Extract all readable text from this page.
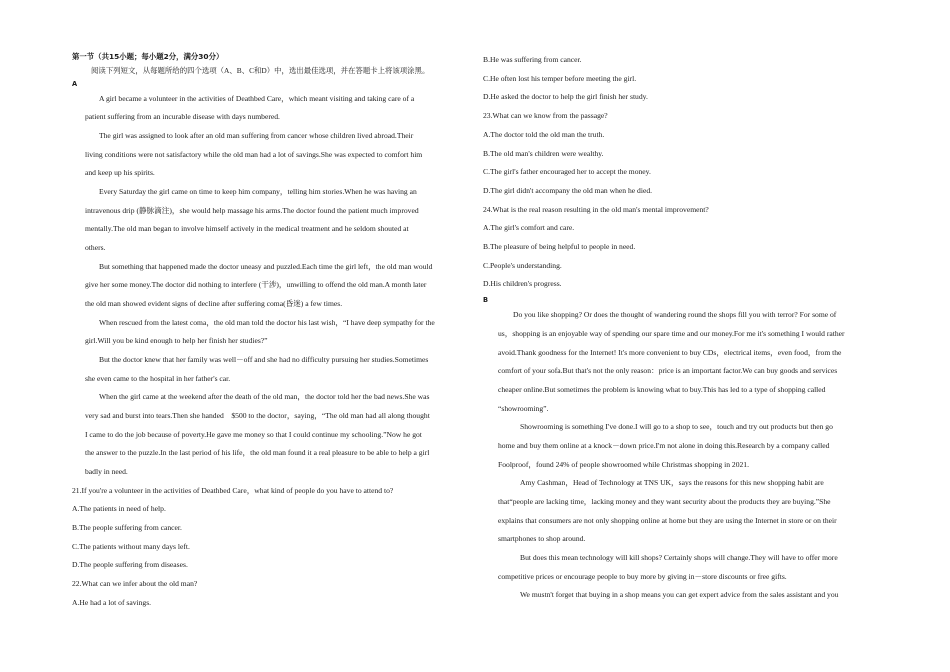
第一节（共15小题；每小题2分，满分30分）
阅读下列短文，从每题所给的四个选项（A、B、C和D）中，选出最佳选项，并在答题卡上将该项涂黑。
A
A girl became a volunteer in the activities of Deathbed Care，which meant visiting and taking care of a
patient suffering from an incurable disease with days numbered.
The girl was assigned to look after an old man suffering from cancer whose children lived abroad.Their
living conditions were not satisfactory while the old man had a lot of savings.She was expected to comfort him
and keep up his spirits.
Every Saturday the girl came on time to keep him company，telling him stories.When he was having an
intravenous drip (静脉滴注)，she would help massage his arms.The doctor found the patient much improved
mentally.The old man began to involve himself actively in the medical treatment and he seldom shouted at
others.
But something that happened made the doctor uneasy and puzzled.Each time the girl left，the old man would
give her some money.The doctor did nothing to interfere (干涉)，unwilling to offend the old man.A month later
the old man showed evident signs of decline after suffering coma(昏迷) a few times.
When rescued from the latest coma，the old man told the doctor his last wish，“I have deep sympathy for the
girl.Will you be kind enough to help her finish her studies?”
But the doctor knew that her family was well－off and she had no difficulty pursuing her studies.Sometimes
she even came to the hospital in her father's car.
When the girl came at the weekend after the death of the old man，the doctor told her the bad news.She was
very sad and burst into tears.Then she handed　$500 to the doctor，saying，“The old man had all along thought
I came to do the job because of poverty.He gave me money so that I could continue my schooling.”Now he got
the answer to the puzzle.In the last period of his life，the old man found it a real pleasure to be able to help a girl
badly in need.
21.If you're a volunteer in the activities of Deathbed Care，what kind of people do you have to attend to?
A.The patients in need of help.
B.The people suffering from cancer.
C.The patients without many days left.
D.The people suffering from diseases.
22.What can we infer about the old man?
A.He had a lot of savings.
B.He was suffering from cancer.
C.He often lost his temper before meeting the girl.
D.He asked the doctor to help the girl finish her study.
23.What can we know from the passage?
A.The doctor told the old man the truth.
B.The old man's children were wealthy.
C.The girl's father encouraged her to accept the money.
D.The girl didn't accompany the old man when he died.
24.What is the real reason resulting in the old man's mental improvement?
A.The girl's comfort and care.
B.The pleasure of being helpful to people in need.
C.People's understanding.
D.His children's progress.
B
Do you like shopping? Or does the thought of wandering round the shops fill you with terror? For some of
us，shopping is an enjoyable way of spending our spare time and our money.For me it's something I would rather
avoid.Thank goodness for the Internet! It's more convenient to buy CDs，electrical items，even food，from the
comfort of your sofa.But that's not the only reason：price is an important factor.We can buy goods and services
cheaper online.But sometimes the problem is knowing what to buy.This has led to a type of shopping called
“showrooming”.
Showrooming is something I've done.I will go to a shop to see，touch and try out products but then go
home and buy them online at a knock－down price.I'm not alone in doing this.Research by a company called
Foolproof，found 24% of people showroomed while Christmas shopping in 2021.
Amy Cashman，Head of Technology at TNS UK，says the reasons for this new shopping habit are
that“people are lacking time，lacking money and they want security about the products they are buying.”She
explains that consumers are not only shopping online at home but they are using the Internet in store or on their
smartphones to shop around.
But does this mean technology will kill shops? Certainly shops will change.They will have to offer more
competitive prices or encourage people to buy more by giving in－store discounts or free gifts.
We mustn't forget that buying in a shop means you can get expert advice from the sales assistant and you
